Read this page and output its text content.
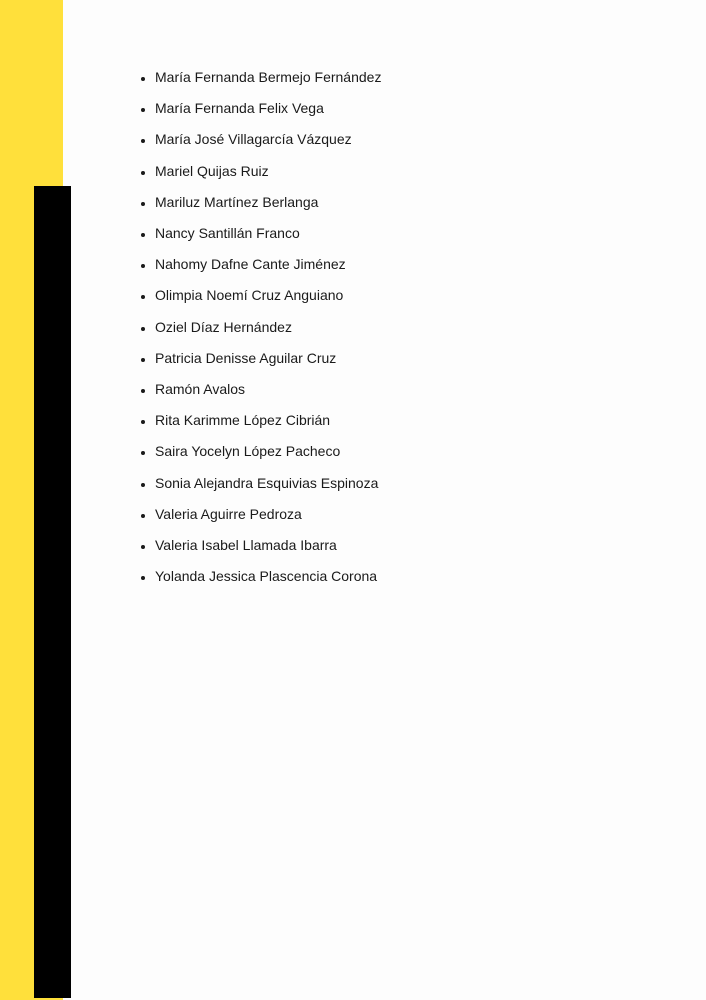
• María Fernanda Bermejo Fernández
• María Fernanda Felix Vega
• María José Villagarcía Vázquez
• Mariel Quijas Ruiz
• Mariluz Martínez Berlanga
• Nancy Santillán Franco
• Nahomy Dafne Cante Jiménez
• Olimpia Noemí Cruz Anguiano
• Oziel Díaz Hernández
• Patricia Denisse Aguilar Cruz
• Ramón Avalos
• Rita Karimme López Cibrián
• Saira Yocelyn López Pacheco
• Sonia Alejandra Esquivias Espinoza
• Valeria Aguirre Pedroza
• Valeria Isabel Llamada Ibarra
• Yolanda Jessica Plascencia Corona
